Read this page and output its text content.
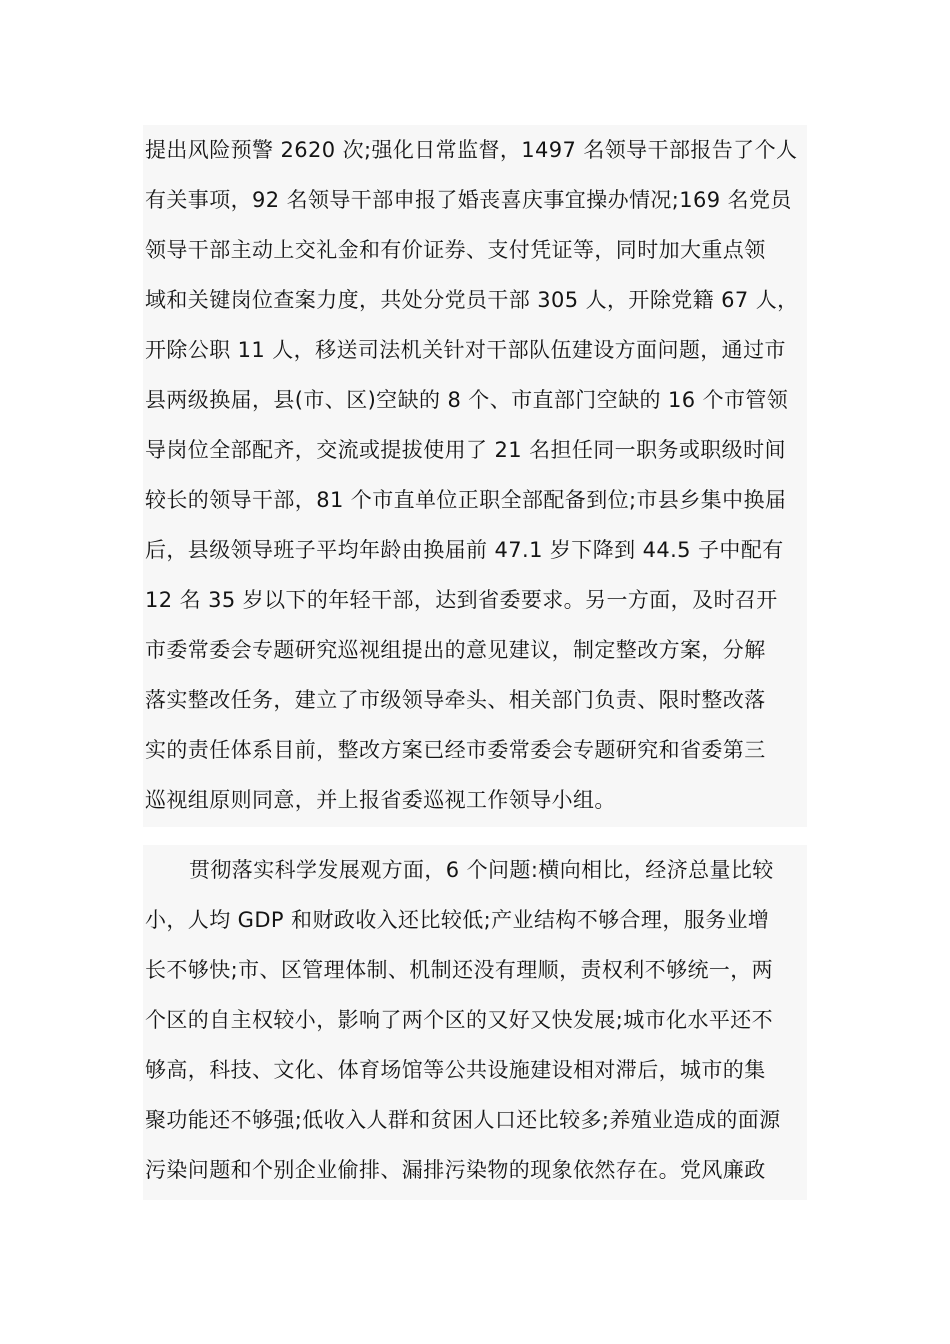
提出风险预警 2620 次;强化日常监督，1497 名领导干部报告了个人
有关事项，92 名领导干部申报了婚丧喜庆事宜操办情况;169 名党员
领导干部主动上交礼金和有价证券、支付凭证等，同时加大重点领
域和关键岗位查案力度，共处分党员干部 305 人，开除党籍 67 人，
开除公职 11 人，移送司法机关针对干部队伍建设方面问题，通过市
县两级换届，县(市、区)空缺的 8 个、市直部门空缺的 16 个市管领
导岗位全部配齐，交流或提拔使用了 21 名担任同一职务或职级时间
较长的领导干部，81 个市直单位正职全部配备到位;市县乡集中换届
后，县级领导班子平均年龄由换届前 47.1 岁下降到 44.5 子中配有
12 名 35 岁以下的年轻干部，达到省委要求。另一方面，及时召开
市委常委会专题研究巡视组提出的意见建议，制定整改方案，分解
落实整改任务，建立了市级领导牵头、相关部门负责、限时整改落
实的责任体系目前，整改方案已经市委常委会专题研究和省委第三
巡视组原则同意，并上报省委巡视工作领导小组。
贯彻落实科学发展观方面，6 个问题:横向相比，经济总量比较
小，人均 GDP 和财政收入还比较低;产业结构不够合理，服务业增
长不够快;市、区管理体制、机制还没有理顺，责权利不够统一，两
个区的自主权较小，影响了两个区的又好又快发展;城市化水平还不
够高，科技、文化、体育场馆等公共设施建设相对滞后，城市的集
聚功能还不够强;低收入人群和贫困人口还比较多;养殖业造成的面源
污染问题和个别企业偷排、漏排污染物的现象依然存在。党风廉政
